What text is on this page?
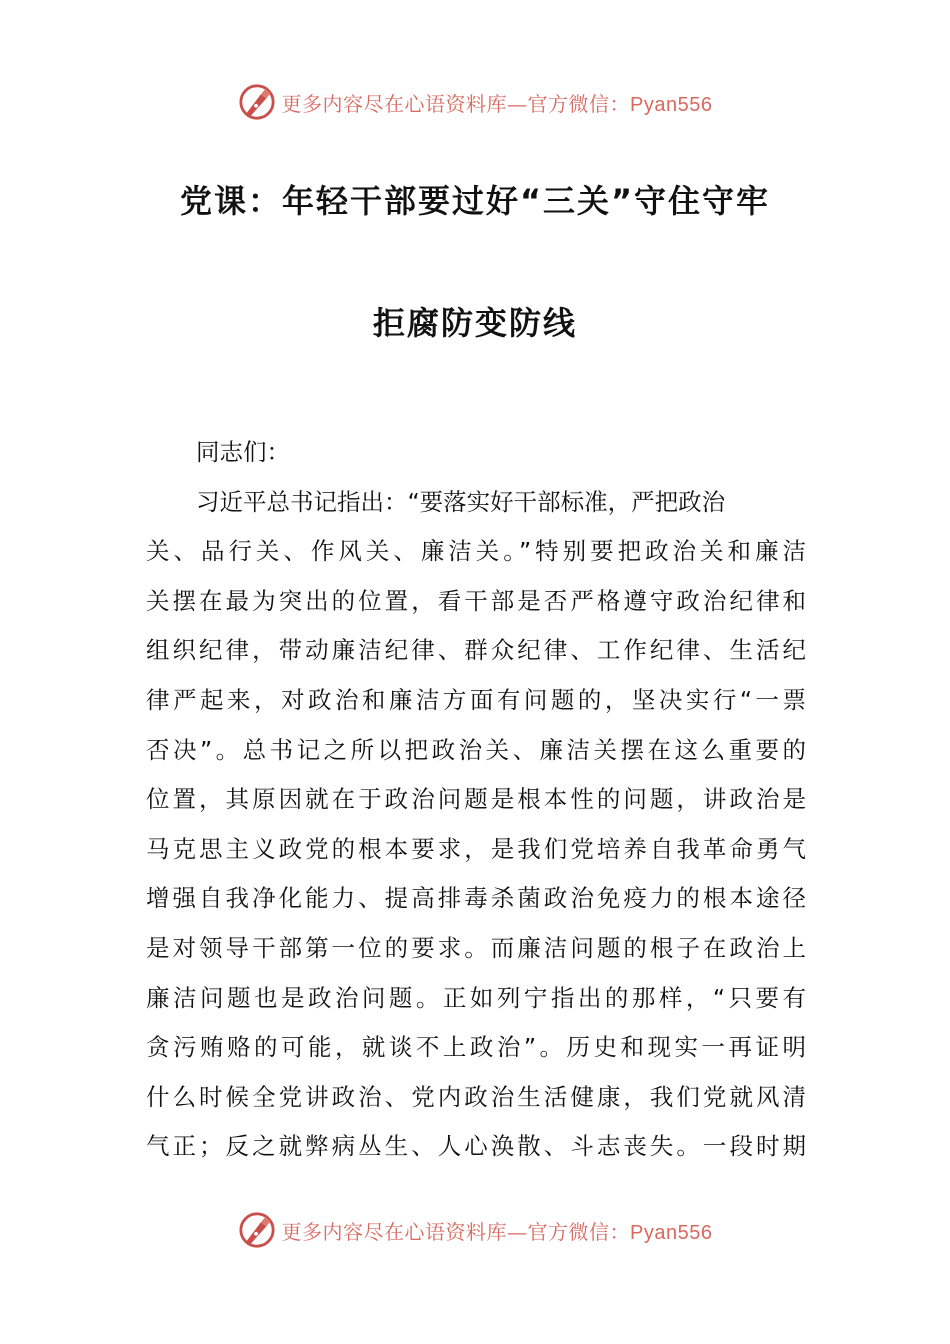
更多内容尽在心语资料库—官方微信：Pyan556
党课：年轻干部要过好“三关”守住守牢
拒腐防变防线
同志们：
习近平总书记指出：“要落实好干部标准，严把政治
关、品行关、作风关、廉洁关。”特别要把政治关和廉洁
关摆在最为突出的位置，看干部是否严格遵守政治纪律和
组织纪律，带动廉洁纪律、群众纪律、工作纪律、生活纪
律严起来，对政治和廉洁方面有问题的，坚决实行“一票
否决”。总书记之所以把政治关、廉洁关摆在这么重要的
位置，其原因就在于政治问题是根本性的问题，讲政治是
马克思主义政党的根本要求，是我们党培养自我革命勇气
增强自我净化能力、提高排毒杀菌政治免疫力的根本途径
是对领导干部第一位的要求。而廉洁问题的根子在政治上
廉洁问题也是政治问题。正如列宁指出的那样，“只要有
贪污贿赂的可能，就谈不上政治”。历史和现实一再证明
什么时候全党讲政治、党内政治生活健康，我们党就风清
气正；反之就弊病丛生、人心涣散、斗志丧失。一段时期
更多内容尽在心语资料库—官方微信：Pyan556
